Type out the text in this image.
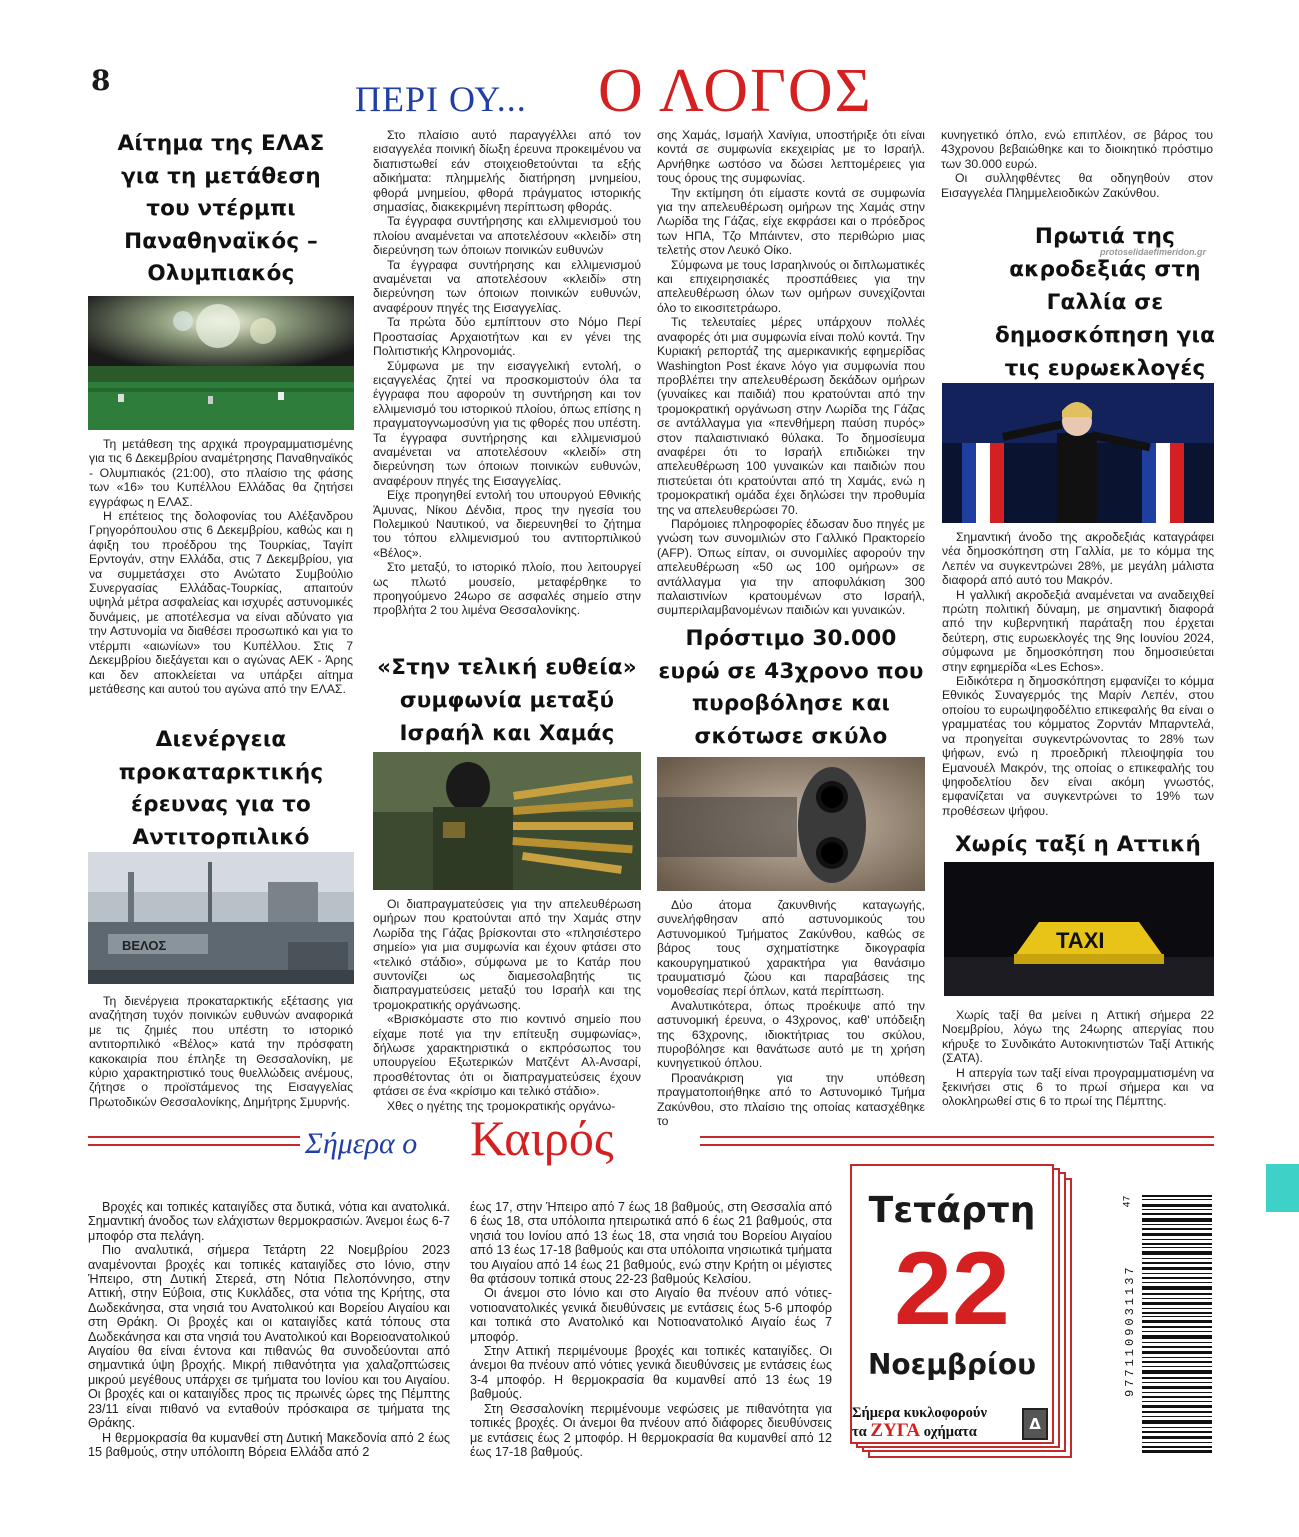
8	ΠΕΡΙ ΟΥ... Ο ΛΟΓΟΣ
Αίτημα της ΕΛΑΣ για τη μετάθεση του ντέρμπι Παναθηναϊκός – Ολυμπιακός

Τη μετάθεση της αρχικά προγραμματισμένης για τις 6 Δεκεμβρίου αναμέτρησης Παναθηναϊκός - Ολυμπιακός (21:00), στο πλαίσιο της φάσης των «16» του Κυπέλλου Ελλάδας θα ζητήσει εγγράφως η ΕΛΑΣ.

Η επέτειος της δολοφονίας του Αλέξανδρου Γρηγορόπουλου στις 6 Δεκεμβρίου, καθώς και η άφιξη του προέδρου της Τουρκίας, Ταγίπ Ερντογάν, στην Ελλάδα, στις 7 Δεκεμβρίου, για να συμμετάσχει στο Ανώτατο Συμβούλιο Συνεργασίας Ελλάδας-Τουρκίας, απαιτούν υψηλά μέτρα ασφαλείας και ισχυρές αστυνομικές δυνάμεις, με αποτέλεσμα να είναι αδύνατο για την Αστυνομία να διαθέσει προσωπικό και για το ντέρμπι «αιωνίων» του Κυπέλλου. Στις 7 Δεκεμβρίου διεξάγεται και ο αγώνας ΑΕΚ - Άρης και δεν αποκλείεται να υπάρξει αίτημα μετάθεσης και αυτού του αγώνα από την ΕΛΑΣ.

Διενέργεια προκαταρκτικής έρευνας για το Αντιτορπιλικό
ΒΕΛΟΣ

Τη διενέργεια προκαταρκτικής εξέτασης για αναζήτηση τυχόν ποινικών ευθυνών αναφορικά με τις ζημιές που υπέστη το ιστορικό αντιτορπιλικό «Βέλος» κατά την πρόσφατη κακοκαιρία που έπληξε τη Θεσσαλονίκη, με κύριο χαρακτηριστικό τους θυελλώδεις ανέμους, ζήτησε ο προϊστάμενος της Εισαγγελίας Πρωτοδικών Θεσσαλονίκης, Δημήτρης Σμυρνής.

Στο πλαίσιο αυτό παραγγέλλει από τον εισαγγελέα ποινική δίωξη έρευνα προκειμένου να διαπιστωθεί εάν στοιχειοθετούνται τα εξής αδικήματα: πλημμελής διατήρηση μνημείου, φθορά μνημείου, φθορά πράγματος ιστορικής σημασίας, διακεκριμένη περίπτωση φθοράς.

Τα έγγραφα συντήρησης και ελλιμενισμού του πλοίου αναμένεται να αποτελέσουν «κλειδί» στη διερεύνηση των όποιων ποινικών ευθυνών

Τα έγγραφα συντήρησης και ελλιμενισμού αναμένεται να αποτελέσουν «κλειδί» στη διερεύνηση των όποιων ποινικών ευθυνών, αναφέρουν πηγές της Εισαγγελίας.

Τα πρώτα δύο εμπίπτουν στο Νόμο Περί Προστασίας Αρχαιοτήτων και εν γένει της Πολιτιστικής Κληρονομιάς.

Σύμφωνα με την εισαγγελική εντολή, ο ειςαγγελέας ζητεί να προσκομιστούν όλα τα έγγραφα που αφορούν τη συντήρηση και τον ελλιμενισμό του ιστορικού πλοίου, όπως επίσης η πραγματογνωμοσύνη για τις φθορές που υπέστη. Τα έγγραφα συντήρησης και ελλιμενισμού αναμένεται να αποτελέσουν «κλειδί» στη διερεύνηση των όποιων ποινικών ευθυνών, αναφέρουν πηγές της Εισαγγελίας.

Είχε προηγηθεί εντολή του υπουργού Εθνικής Άμυνας, Νίκου Δένδια, προς την ηγεσία του Πολεμικού Ναυτικού, να διερευνηθεί το ζήτημα του τόπου ελλιμενισμού του αντιτορπιλικού «Βέλος».

Στο μεταξύ, το ιστορικό πλοίο, που λειτουργεί ως πλωτό μουσείο, μεταφέρθηκε το προηγούμενο 24ωρο σε ασφαλές σημείο στην προβλήτα 2 του λιμένα Θεσσαλονίκης.

«Στην τελική ευθεία» συμφωνία μεταξύ Ισραήλ και Χαμάς

Οι διαπραγματεύσεις για την απελευθέρωση ομήρων που κρατούνται από την Χαμάς στην Λωρίδα της Γάζας βρίσκονται στο «πλησιέστερο σημείο» για μια συμφωνία και έχουν φτάσει στο «τελικό στάδιο», σύμφωνα με το Κατάρ που συντονίζει ως διαμεσολαβητής τις διαπραγματεύσεις μεταξύ του Ισραήλ και της τρομοκρατικής οργάνωσης.

«Βρισκόμαστε στο πιο κοντινό σημείο που είχαμε ποτέ για την επίτευξη συμφωνίας», δήλωσε χαρακτηριστικά ο εκπρόσωπος του υπουργείου Εξωτερικών Ματζέντ Αλ-Ανσαρί, προσθέτοντας ότι οι διαπραγματεύσεις έχουν φτάσει σε ένα «κρίσιμο και τελικό στάδιο».

Χθες ο ηγέτης της τρομοκρατικής οργάνω-

σης Χαμάς, Ισμαήλ Χανίγια, υποστήριξε ότι είναι κοντά σε συμφωνία εκεχειρίας με το Ισραήλ. Αρνήθηκε ωστόσο να δώσει λεπτομέρειες για τους όρους της συμφωνίας.

Την εκτίμηση ότι είμαστε κοντά σε συμφωνία για την απελευθέρωση ομήρων της Χαμάς στην Λωρίδα της Γάζας, είχε εκφράσει και ο πρόεδρος των ΗΠΑ, Τζο Μπάιντεν, στο περιθώριο μιας τελετής στον Λευκό Οίκο.

Σύμφωνα με τους Ισραηλινούς οι διπλωματικές και επιχειρησιακές προσπάθειες για την απελευθέρωση όλων των ομήρων συνεχίζονται όλο το εικοσιτετράωρο.

Τις τελευταίες μέρες υπάρχουν πολλές αναφορές ότι μια συμφωνία είναι πολύ κοντά. Την Κυριακή ρεπορτάζ της αμερικανικής εφημερίδας Washington Post έκανε λόγο για συμφωνία που προβλέπει την απελευθέρωση δεκάδων ομήρων (γυναίκες και παιδιά) που κρατούνται από την τρομοκρατική οργάνωση στην Λωρίδα της Γάζας σε αντάλλαγμα για «πενθήμερη παύση πυρός» στον παλαιστινιακό θύλακα. Το δημοσίευμα αναφέρει ότι το Ισραήλ επιδιώκει την απελευθέρωση 100 γυναικών και παιδιών που πιστεύεται ότι κρατούνται από τη Χαμάς, ενώ η τρομοκρατική ομάδα έχει δηλώσει την προθυμία της να απελευθερώσει 70.

Παρόμοιες πληροφορίες έδωσαν δυο πηγές με γνώση των συνομιλιών στο Γαλλικό Πρακτορείο (AFP). Όπως είπαν, οι συνομιλίες αφορούν την απελευθέρωση «50 ως 100 ομήρων» σε αντάλλαγμα για την αποφυλάκιση 300 παλαιστινίων κρατουμένων στο Ισραήλ, συμπεριλαμβανομένων παιδιών και γυναικών.

Πρόστιμο 30.000 ευρώ σε 43χρονο που πυροβόλησε και σκότωσε σκύλο

Δύο άτομα ζακυνθινής καταγωγής, συνελήφθησαν από αστυνομικούς του Αστυνομικού Τμήματος Ζακύνθου, καθώς σε βάρος τους σχηματίστηκε δικογραφία κακουργηματικού χαρακτήρα για θανάσιμο τραυματισμό ζώου και παραβάσεις της νομοθεσίας περί όπλων, κατά περίπτωση.

Αναλυτικότερα, όπως προέκυψε από την αστυνομική έρευνα, ο 43χρονος, καθ' υπόδειξη της 63χρονης, ιδιοκτήτριας του σκύλου, πυροβόλησε και θανάτωσε αυτό με τη χρήση κυνηγετικού όπλου.

Προανάκριση για την υπόθεση πραγματοποιήθηκε από το Αστυνομικό Τμήμα Ζακύνθου, στο πλαίσιο της οποίας κατασχέθηκε το

κυνηγετικό όπλο, ενώ επιπλέον, σε βάρος του 43χρονου βεβαιώθηκε και το διοικητικό πρόστιμο των 30.000 ευρώ.

Οι συλληφθέντες θα οδηγηθούν στον Εισαγγελέα Πλημμελειοδικών Ζακύνθου.

protoselidaefimeridon.gr
Πρωτιά της ακροδεξιάς στη Γαλλία σε δημοσκόπηση για τις ευρωεκλογές

Σημαντική άνοδο της ακροδεξιάς καταγράφει νέα δημοσκόπηση στη Γαλλία, με το κόμμα της Λεπέν να συγκεντρώνει 28%, με μεγάλη μάλιστα διαφορά από αυτό του Μακρόν.

Η γαλλική ακροδεξιά αναμένεται να αναδειχθεί πρώτη πολιτική δύναμη, με σημαντική διαφορά από την κυβερνητική παράταξη που έρχεται δεύτερη, στις ευρωεκλογές της 9ης Ιουνίου 2024, σύμφωνα με δημοσκόπηση που δημοσιεύεται στην εφημερίδα «Les Echos».

Ειδικότερα η δημοσκόπηση εμφανίζει το κόμμα Εθνικός Συναγερμός της Μαρίν Λεπέν, στου οποίου το ευρωψηφοδέλτιο επικεφαλής θα είναι ο γραμματέας του κόμματος Ζορντάν Μπαρντελά, να προηγείται συγκεντρώνοντας το 28% των ψήφων, ενώ η προεδρική πλειοψηφία του Εμανουέλ Μακρόν, της οποίας ο επικεφαλής του ψηφοδελτίου δεν είναι ακόμη γνωστός, εμφανίζεται να συγκεντρώνει το 19% των προθέσεων ψήφου.

Χωρίς ταξί η Αττική
TAXI

Χωρίς ταξί θα μείνει η Αττική σήμερα 22 Νοεμβρίου, λόγω της 24ωρης απεργίας που κήρυξε το Συνδικάτο Αυτοκινητιστών Ταξί Αττικής (ΣΑΤΑ).

Η απεργία των ταξί είναι προγραμματισμένη να ξεκινήσει στις 6 το πρωί σήμερα και να ολοκληρωθεί στις 6 το πρωί της Πέμπτης.

Σήμερα ο Καιρός

Βροχές και τοπικές καταιγίδες στα δυτικά, νότια και ανατολικά. Σημαντική άνοδος των ελάχιστων θερμοκρασιών. Άνεμοι έως 6-7 μποφόρ στα πελάγη.

Πιο αναλυτικά, σήμερα Τετάρτη 22 Νοεμβρίου 2023 αναμένονται βροχές και τοπικές καταιγίδες στο Ιόνιο, στην Ήπειρο, στη Δυτική Στερεά, στη Νότια Πελοπόννησο, στην Αττική, στην Εύβοια, στις Κυκλάδες, στα νότια της Κρήτης, στα Δωδεκάνησα, στα νησιά του Ανατολικού και Βορείου Αιγαίου και στη Θράκη. Οι βροχές και οι καταιγίδες κατά τόπους στα Δωδεκάνησα και στα νησιά του Ανατολικού και Βορειοανατολικού Αιγαίου θα είναι έντονα και πιθανώς θα συνοδεύονται από σημαντικά ύψη βροχής. Μικρή πιθανότητα για χαλαζοπτώσεις μικρού μεγέθους υπάρχει σε τμήματα του Ιονίου και του Αιγαίου. Οι βροχές και οι καταιγίδες προς τις πρωινές ώρες της Πέμπτης 23/11 είναι πιθανό να ενταθούν πρόσκαιρα σε τμήματα της Θράκης.

Η θερμοκρασία θα κυμανθεί στη Δυτική Μακεδονία από 2 έως 15 βαθμούς, στην υπόλοιπη Βόρεια Ελλάδα από 2

έως 17, στην Ήπειρο από 7 έως 18 βαθμούς, στη Θεσσαλία από 6 έως 18, στα υπόλοιπα ηπειρωτικά από 6 έως 21 βαθμούς, στα νησιά του Ιονίου από 13 έως 18, στα νησιά του Βορείου Αιγαίου από 13 έως 17-18 βαθμούς και στα υπόλοιπα νησιωτικά τμήματα του Αιγαίου από 14 έως 21 βαθμούς, ενώ στην Κρήτη οι μέγιστες θα φτάσουν τοπικά στους 22-23 βαθμούς Κελσίου.

Οι άνεμοι στο Ιόνιο και στο Αιγαίο θα πνέουν από νότιες-νοτιοανατολικές γενικά διευθύνσεις με εντάσεις έως 5-6 μποφόρ και τοπικά στο Ανατολικό και Νοτιοανατολικό Αιγαίο έως 7 μποφόρ.

Στην Αττική περιμένουμε βροχές και τοπικές καταιγίδες. Οι άνεμοι θα πνέουν από νότιες γενικά διευθύνσεις με εντάσεις έως 3-4 μποφόρ. Η θερμοκρασία θα κυμανθεί από 13 έως 19 βαθμούς.

Στη Θεσσαλονίκη περιμένουμε νεφώσεις με πιθανότητα για τοπικές βροχές. Οι άνεμοι θα πνέουν από διάφορες διευθύνσεις με εντάσεις έως 2 μποφόρ. Η θερμοκρασία θα κυμανθεί από 12 έως 17-18 βαθμούς.

Τετάρτη
22
Νοεμβρίου
Σήμερα κυκλοφορούν
τα ΖΥΓΑ οχήματα	Δ
9771109031137
47
